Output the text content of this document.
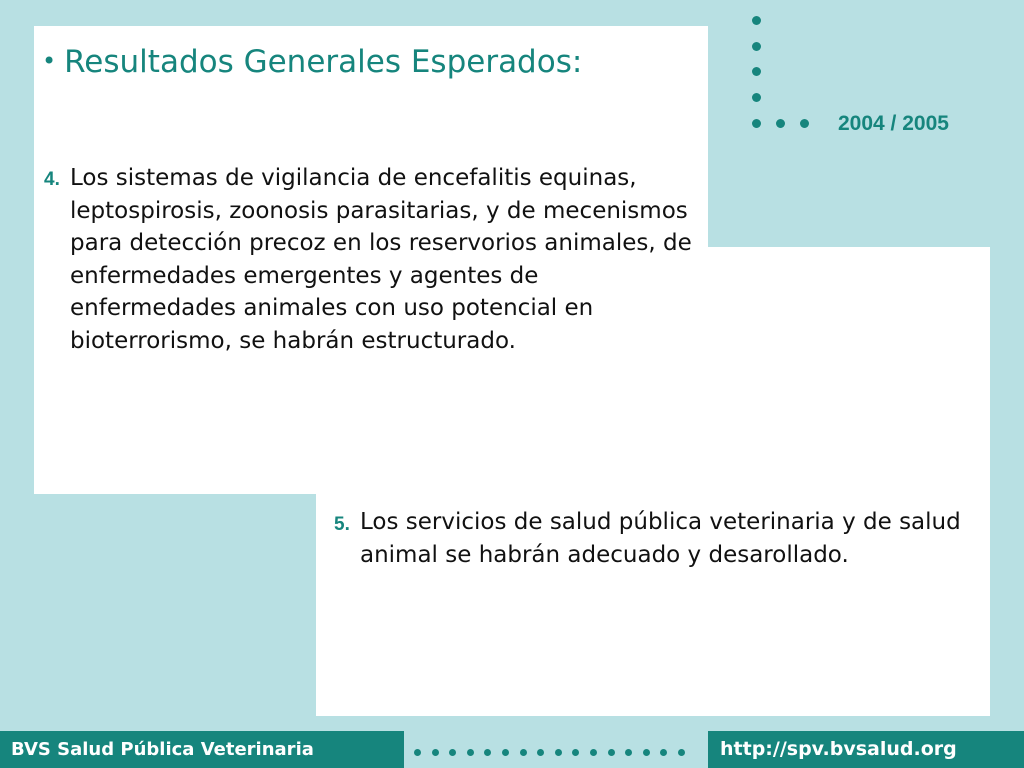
• Resultados Generales Esperados:
2004 / 2005
4. Los sistemas de vigilancia de encefalitis equinas, leptospirosis, zoonosis parasitarias, y de mecenismos para detección precoz en los reservorios animales, de enfermedades emergentes y agentes de enfermedades animales con uso potencial en bioterrorismo, se habrán estructurado.
5. Los servicios de salud pública veterinaria y de salud animal se habrán adecuado y desarollado.
BVS Salud Pública Veterinaria	http://spv.bvsalud.org
